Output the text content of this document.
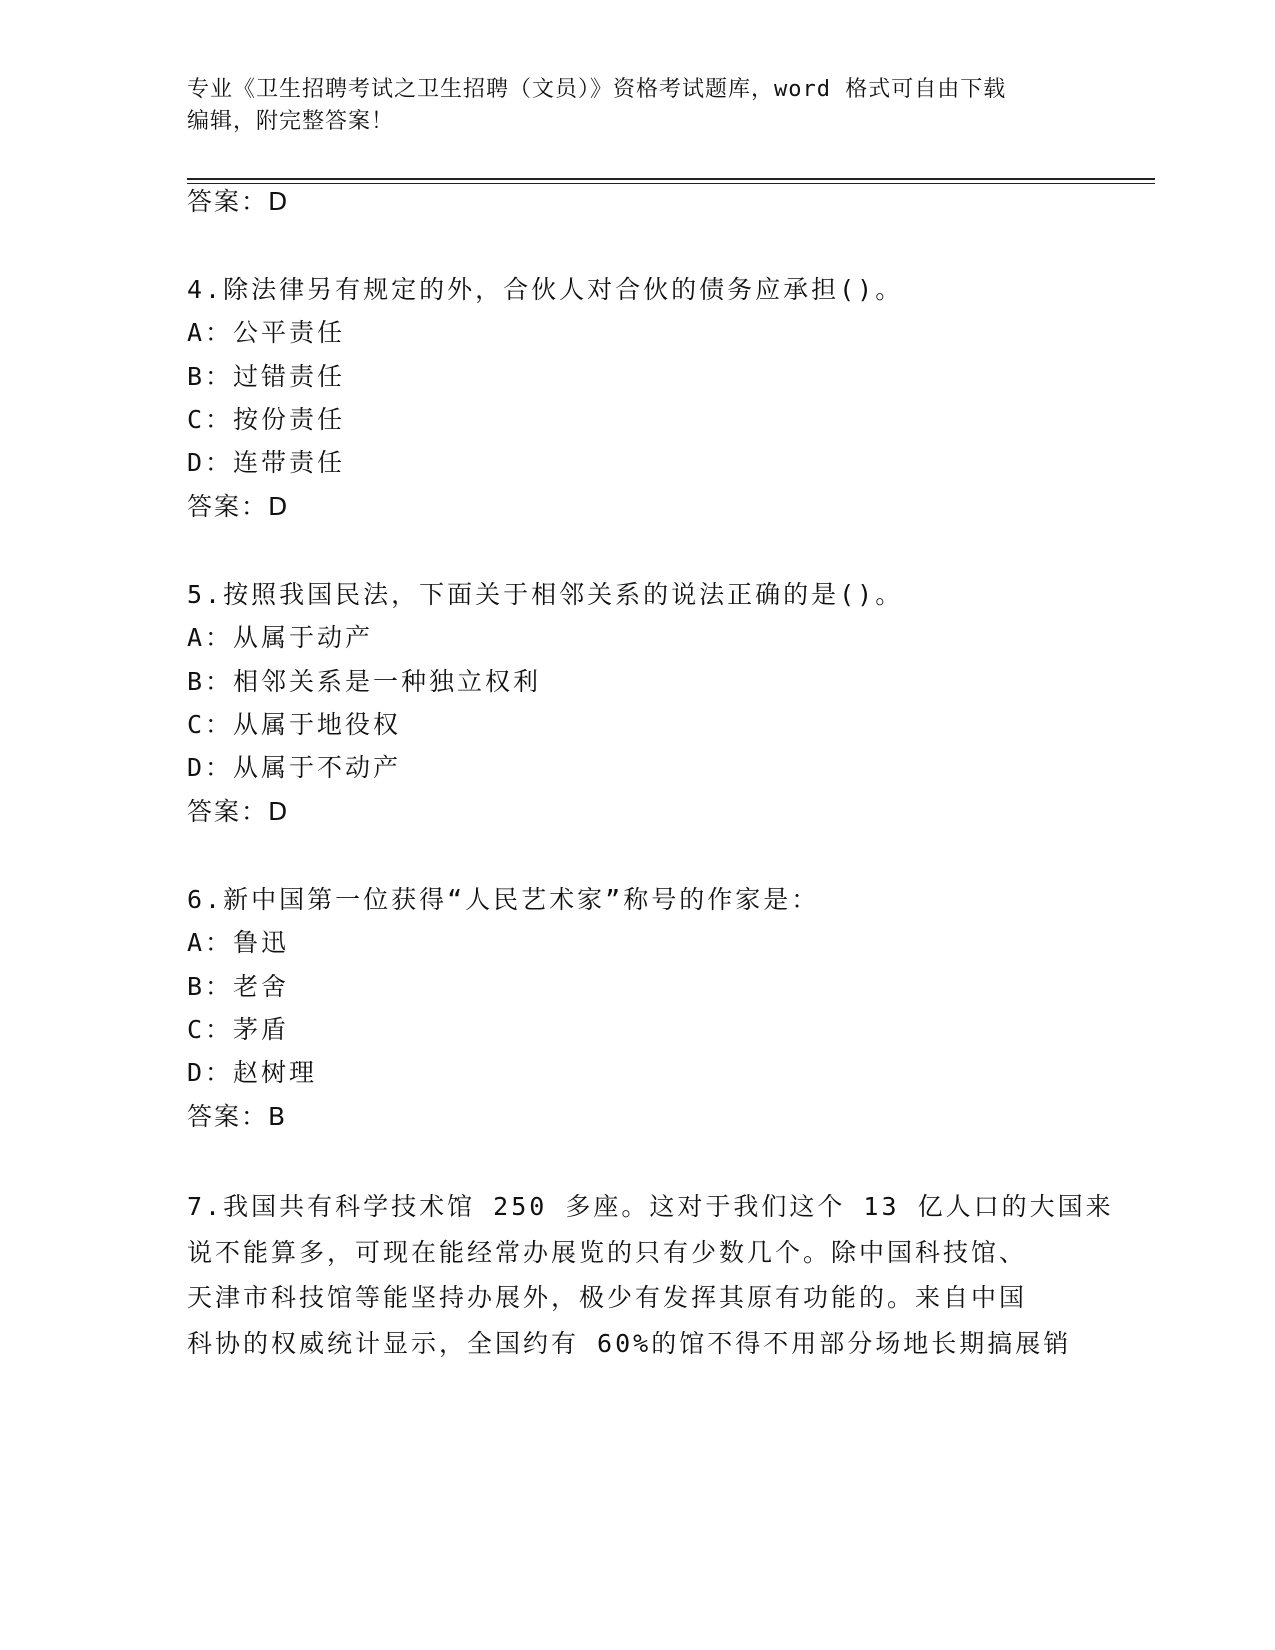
专业《卫生招聘考试之卫生招聘（文员）》资格考试题库，word 格式可自由下载
编辑，附完整答案！
答案：D
4.除法律另有规定的外，合伙人对合伙的债务应承担()。
A：公平责任
B：过错责任
C：按份责任
D：连带责任
答案：D
5.按照我国民法，下面关于相邻关系的说法正确的是()。
A：从属于动产
B：相邻关系是一种独立权利
C：从属于地役权
D：从属于不动产
答案：D
6.新中国第一位获得“人民艺术家”称号的作家是：
A：鲁迅
B：老舍
C：茅盾
D：赵树理
答案：B
7.我国共有科学技术馆 250 多座。这对于我们这个 13 亿人口的大国来
说不能算多，可现在能经常办展览的只有少数几个。除中国科技馆、
天津市科技馆等能坚持办展外，极少有发挥其原有功能的。来自中国
科协的权威统计显示，全国约有 60%的馆不得不用部分场地长期搞展销
